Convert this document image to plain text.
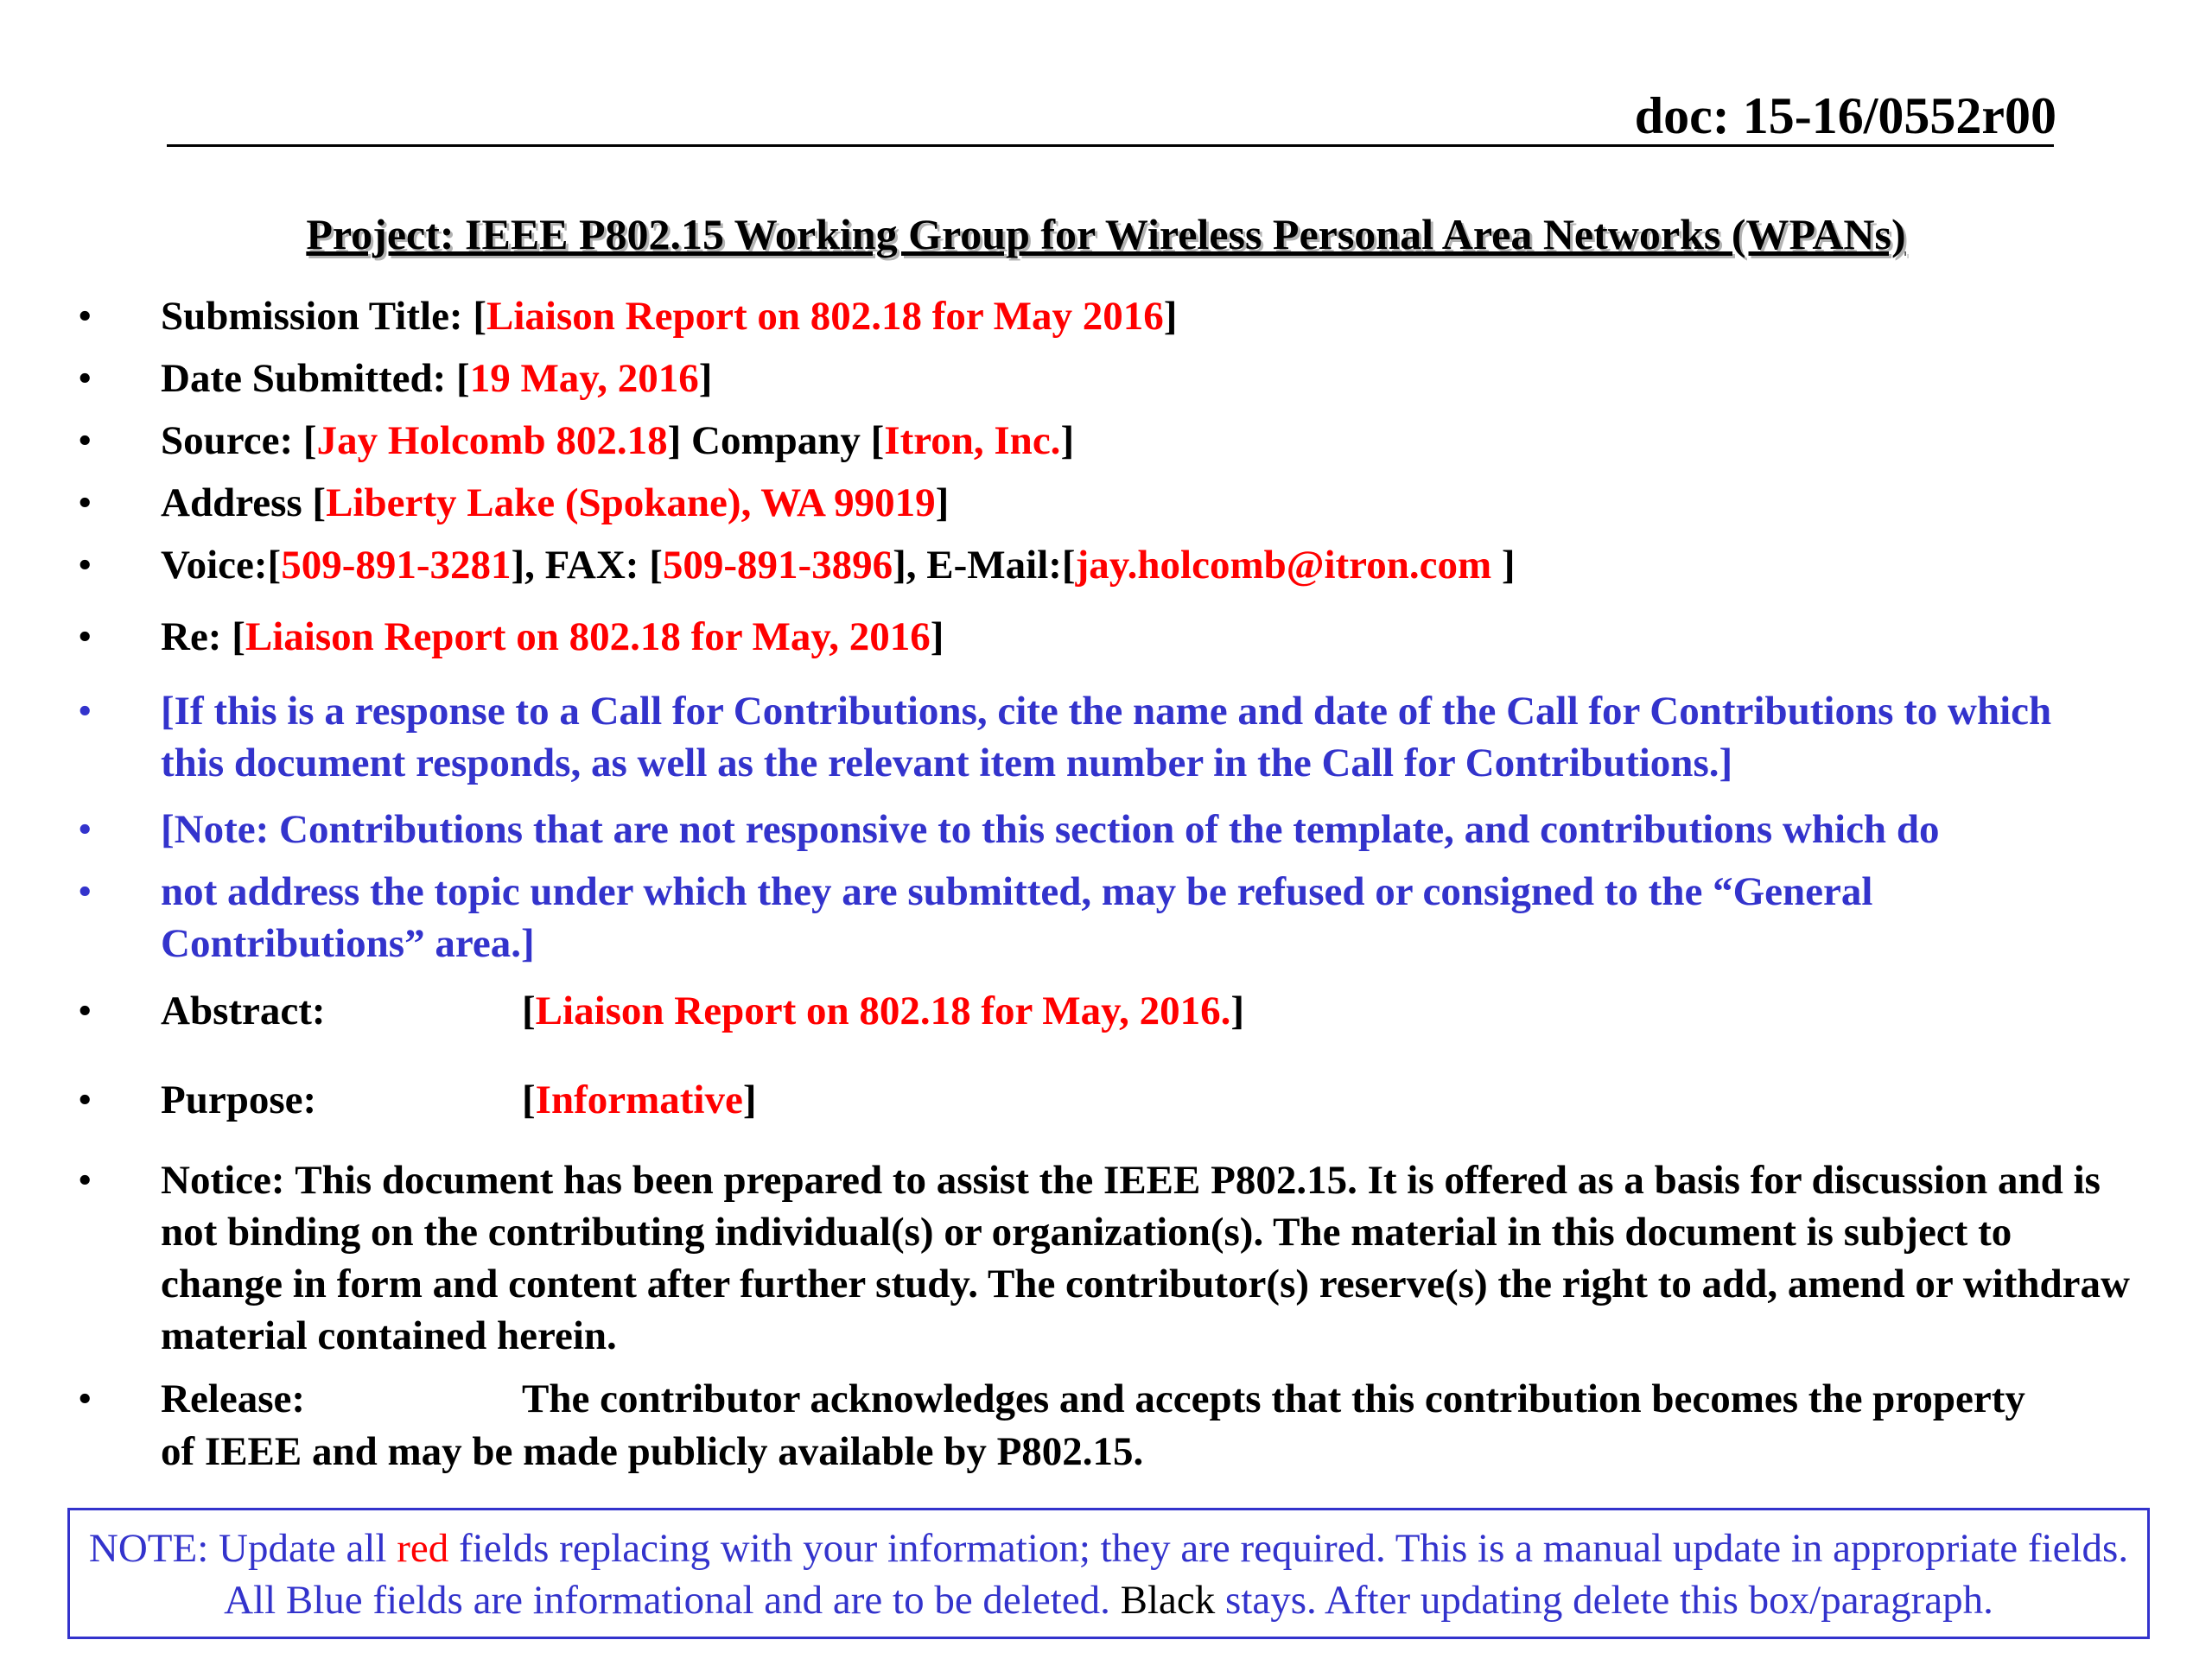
doc: 15-16/0552r00
Project: IEEE P802.15 Working Group for Wireless Personal Area Networks (WPANs)
• Submission Title: [Liaison Report on 802.18 for May 2016]
• Date Submitted: [19 May, 2016]
• Source: [Jay Holcomb 802.18] Company [Itron, Inc.]
• Address [Liberty Lake (Spokane), WA 99019]
• Voice:[509-891-3281], FAX: [509-891-3896], E-Mail:[jay.holcomb@itron.com ]
• Re: [Liaison Report on 802.18 for May, 2016]
• [If this is a response to a Call for Contributions, cite the name and date of the Call for Contributions to which this document responds, as well as the relevant item number in the Call for Contributions.]
• [Note: Contributions that are not responsive to this section of the template, and contributions which do
• not address the topic under which they are submitted, may be refused or consigned to the “General Contributions” area.]
• Abstract:	[Liaison Report on 802.18 for May, 2016.]
• Purpose:	[Informative]
• Notice: This document has been prepared to assist the IEEE P802.15. It is offered as a basis for discussion and is not binding on the contributing individual(s) or organization(s). The material in this document is subject to change in form and content after further study. The contributor(s) reserve(s) the right to add, amend or withdraw material contained herein.
• Release:	The contributor acknowledges and accepts that this contribution becomes the property
of IEEE and may be made publicly available by P802.15.
NOTE: Update all red fields replacing with your information; they are required. This is a manual update in appropriate fields. All Blue fields are informational and are to be deleted. Black stays. After updating delete this box/paragraph.
